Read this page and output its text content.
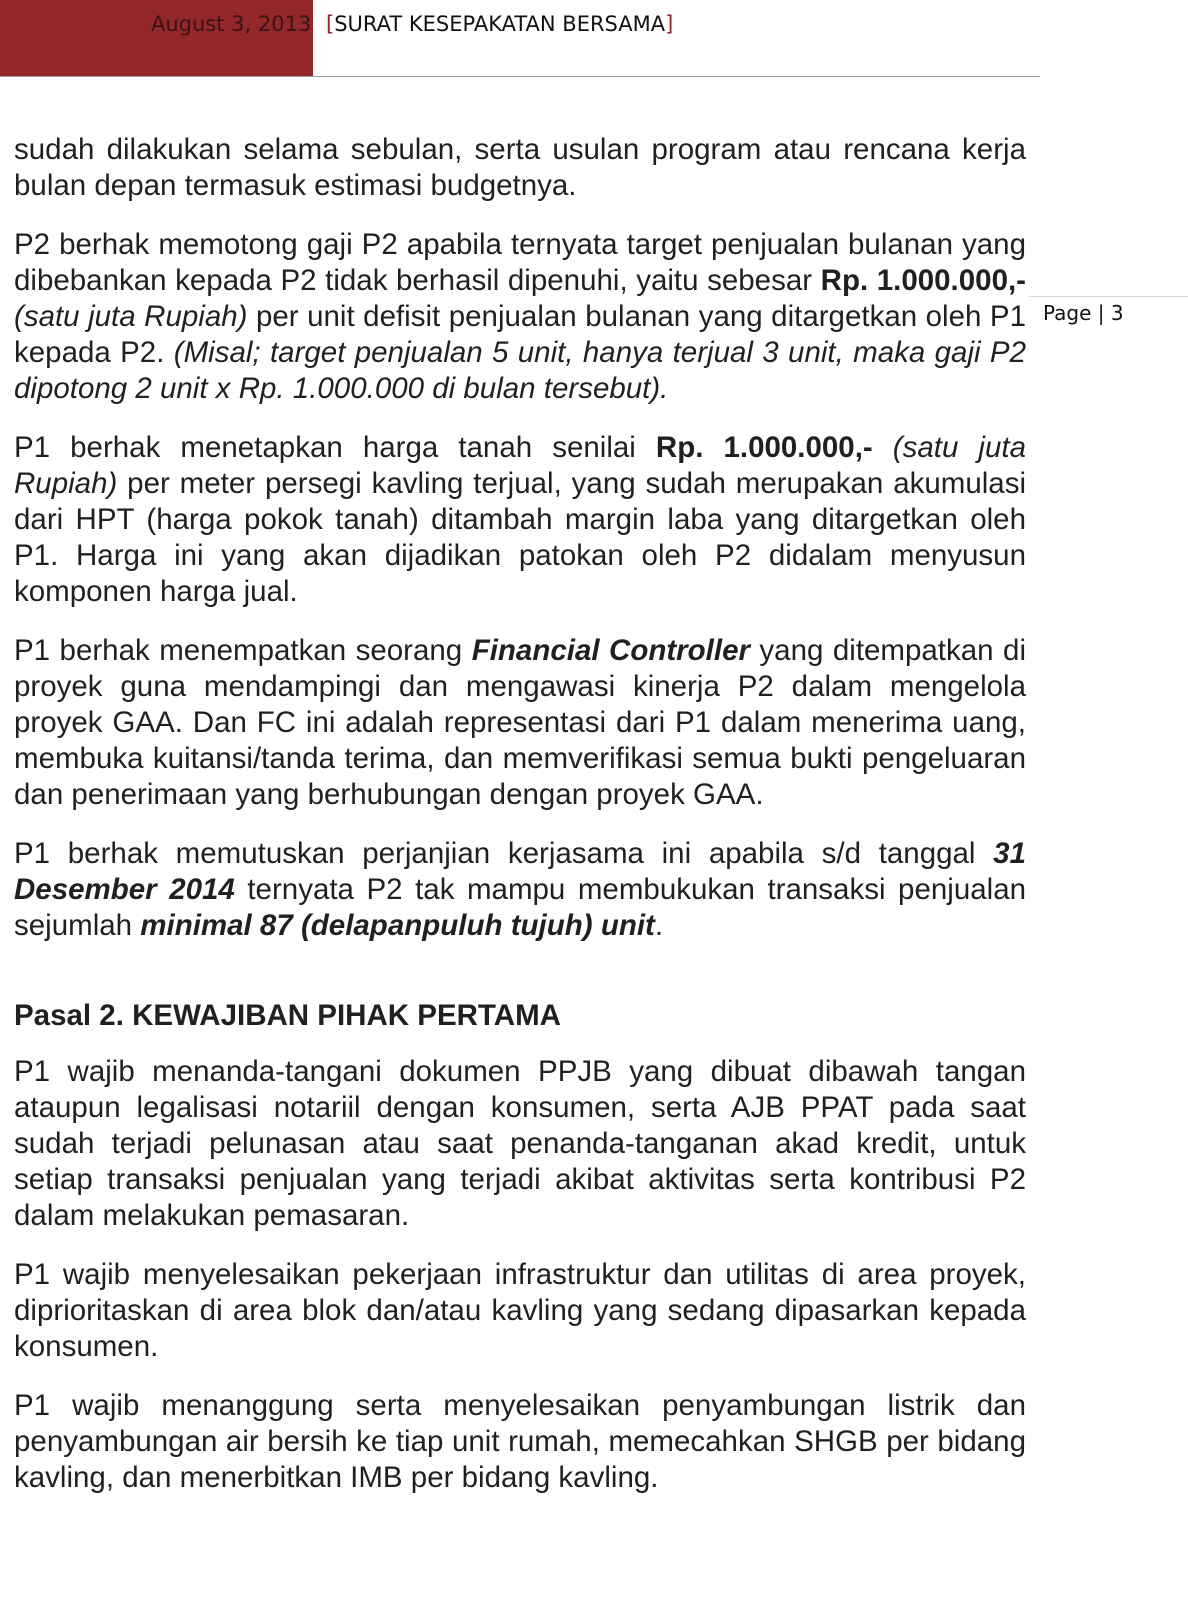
August 3, 2013 [SURAT KESEPAKATAN BERSAMA]
Page | 3

sudah dilakukan selama sebulan, serta usulan program atau rencana kerja bulan depan termasuk estimasi budgetnya.

P2 berhak memotong gaji P2 apabila ternyata target penjualan bulanan yang dibebankan kepada P2 tidak berhasil dipenuhi, yaitu sebesar Rp. 1.000.000,- (satu juta Rupiah) per unit defisit penjualan bulanan yang ditargetkan oleh P1 kepada P2. (Misal; target penjualan 5 unit, hanya terjual 3 unit, maka gaji P2 dipotong 2 unit x Rp. 1.000.000 di bulan tersebut).

P1 berhak menetapkan harga tanah senilai Rp. 1.000.000,- (satu juta Rupiah) per meter persegi kavling terjual, yang sudah merupakan akumulasi dari HPT (harga pokok tanah) ditambah margin laba yang ditargetkan oleh P1. Harga ini yang akan dijadikan patokan oleh P2 didalam menyusun komponen harga jual.

P1 berhak menempatkan seorang Financial Controller yang ditempatkan di proyek guna mendampingi dan mengawasi kinerja P2 dalam mengelola proyek GAA. Dan FC ini adalah representasi dari P1 dalam menerima uang, membuka kuitansi/tanda terima, dan memverifikasi semua bukti pengeluaran dan penerimaan yang berhubungan dengan proyek GAA.

P1 berhak memutuskan perjanjian kerjasama ini apabila s/d tanggal 31 Desember 2014 ternyata P2 tak mampu membukukan transaksi penjualan sejumlah minimal 87 (delapanpuluh tujuh) unit.

Pasal 2. KEWAJIBAN PIHAK PERTAMA

P1 wajib menanda-tangani dokumen PPJB yang dibuat dibawah tangan ataupun legalisasi notariil dengan konsumen, serta AJB PPAT pada saat sudah terjadi pelunasan atau saat penanda-tanganan akad kredit, untuk setiap transaksi penjualan yang terjadi akibat aktivitas serta kontribusi P2 dalam melakukan pemasaran.

P1 wajib menyelesaikan pekerjaan infrastruktur dan utilitas di area proyek, diprioritaskan di area blok dan/atau kavling yang sedang dipasarkan kepada konsumen.

P1 wajib menanggung serta menyelesaikan penyambungan listrik dan penyambungan air bersih ke tiap unit rumah, memecahkan SHGB per bidang kavling, dan menerbitkan IMB per bidang kavling.
